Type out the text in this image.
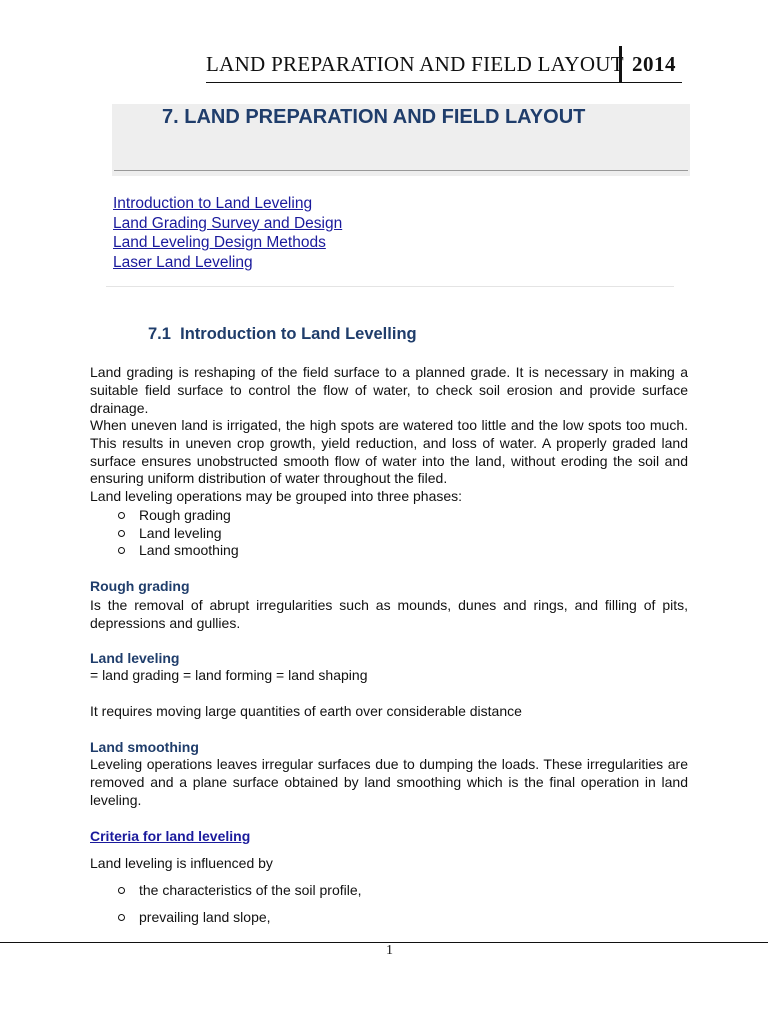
LAND PREPARATION AND FIELD LAYOUT 2014
7. LAND PREPARATION AND FIELD LAYOUT
Introduction to Land Leveling
Land Grading Survey and Design
Land Leveling Design Methods
Laser Land Leveling
7.1 Introduction to Land Levelling

Land grading is reshaping of the field surface to a planned grade. It is necessary in making a suitable field surface to control the flow of water, to check soil erosion and provide surface drainage.

When uneven land is irrigated, the high spots are watered too little and the low spots too much. This results in uneven crop growth, yield reduction, and loss of water. A properly graded land surface ensures unobstructed smooth flow of water into the land, without eroding the soil and ensuring uniform distribution of water throughout the filed.

Land leveling operations may be grouped into three phases:

Rough grading
Land leveling
Land smoothing
Rough grading

Is the removal of abrupt irregularities such as mounds, dunes and rings, and filling of pits, depressions and gullies.

Land leveling

= land grading = land forming = land shaping

It requires moving large quantities of earth over considerable distance

Land smoothing

Leveling operations leaves irregular surfaces due to dumping the loads. These irregularities are removed and a plane surface obtained by land smoothing which is the final operation in land leveling.

Criteria for land leveling

Land leveling is influenced by

the characteristics of the soil profile,
prevailing land slope,
1
